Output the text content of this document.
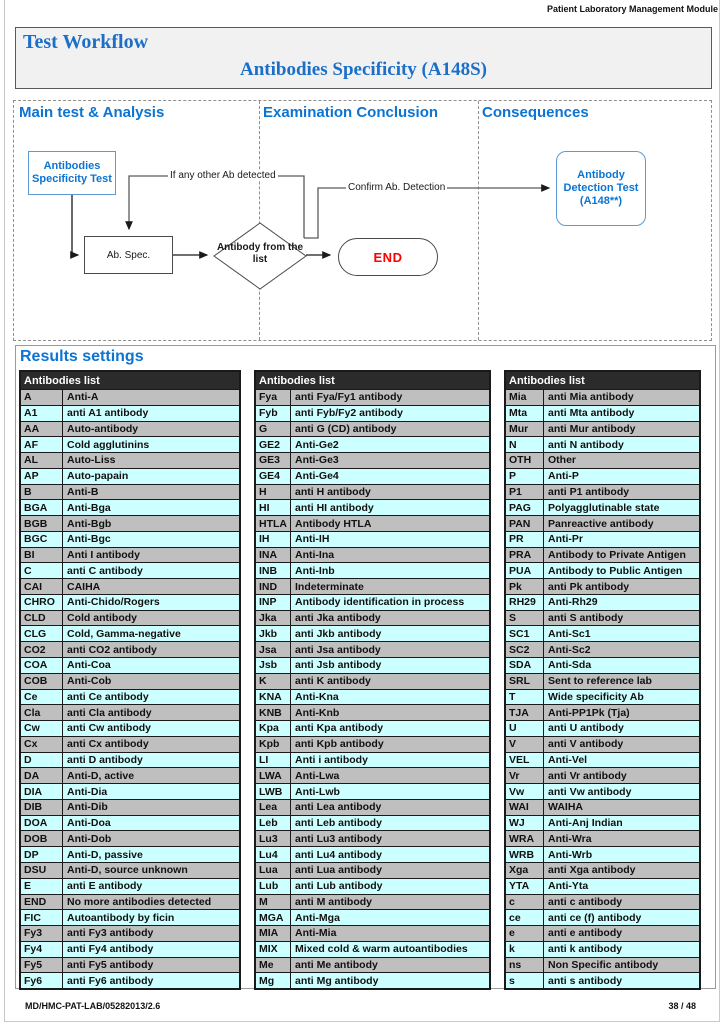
Patient Laboratory Management Module
Test Workflow
Antibodies Specificity (A148S)
Main test & Analysis	Examination Conclusion	Consequences
Antibodies Specificity Test
Ab. Spec.
Antibody from the list	END
Antibody Detection Test (A148**)
If any other Ab detected
Confirm Ab. Detection
Results settings
Antibodies list
A	Anti-A
A1	anti A1 antibody
AA	Auto-antibody
AF	Cold agglutinins
AL	Auto-Liss
AP	Auto-papain
B	Anti-B
BGA	Anti-Bga
BGB	Anti-Bgb
BGC	Anti-Bgc
BI	Anti I antibody
C	anti C antibody
CAI	CAIHA
CHRO	Anti-Chido/Rogers
CLD	Cold antibody
CLG	Cold, Gamma-negative
CO2	anti CO2 antibody
COA	Anti-Coa
COB	Anti-Cob
Ce	anti Ce antibody
Cla	anti Cla antibody
Cw	anti Cw antibody
Cx	anti Cx antibody
D	anti D antibody
DA	Anti-D, active
DIA	Anti-Dia
DIB	Anti-Dib
DOA	Anti-Doa
DOB	Anti-Dob
DP	Anti-D, passive
DSU	Anti-D, source unknown
E	anti E antibody
END	No more antibodies detected
FIC	Autoantibody by ficin
Fy3	anti Fy3 antibody
Fy4	anti Fy4 antibody
Fy5	anti Fy5 antibody
Fy6	anti Fy6 antibody
Antibodies list
Fya	anti Fya/Fy1 antibody
Fyb	anti Fyb/Fy2 antibody
G	anti G (CD) antibody
GE2	Anti-Ge2
GE3	Anti-Ge3
GE4	Anti-Ge4
H	anti H antibody
HI	anti HI antibody
HTLA Antibody HTLA
IH	Anti-IH
INA	Anti-Ina
INB	Anti-Inb
IND	Indeterminate
INP	Antibody identification in process
Jka	anti Jka antibody
Jkb	anti Jkb antibody
Jsa	anti Jsa antibody
Jsb	anti Jsb antibody
K	anti K antibody
KNA	Anti-Kna
KNB	Anti-Knb
Kpa	anti Kpa antibody
Kpb	anti Kpb antibody
LI	Anti i antibody
LWA	Anti-Lwa
LWB	Anti-Lwb
Lea	anti Lea antibody
Leb	anti Leb antibody
Lu3	anti Lu3 antibody
Lu4	anti Lu4 antibody
Lua	anti Lua antibody
Lub	anti Lub antibody
M	anti M antibody
MGA	Anti-Mga
MIA	Anti-Mia
MIX	Mixed cold & warm autoantibodies
Me	anti Me antibody
Mg	anti Mg antibody
Antibodies list
Mia	anti Mia antibody
Mta	anti Mta antibody
Mur	anti Mur antibody
N	anti N antibody
OTH	Other
P	Anti-P
P1	anti P1 antibody
PAG	Polyagglutinable state
PAN	Panreactive antibody
PR	Anti-Pr
PRA	Antibody to Private Antigen
PUA	Antibody to Public Antigen
Pk	anti Pk antibody
RH29	Anti-Rh29
S	anti S antibody
SC1	Anti-Sc1
SC2	Anti-Sc2
SDA	Anti-Sda
SRL	Sent to reference lab
T	Wide specificity Ab
TJA	Anti-PP1Pk (Tja)
U	anti U antibody
V	anti V antibody
VEL	Anti-Vel
Vr	anti Vr antibody
Vw	anti Vw antibody
WAI	WAIHA
WJ	Anti-Anj Indian
WRA	Anti-Wra
WRB	Anti-Wrb
Xga	anti Xga antibody
YTA	Anti-Yta
c	anti c antibody
ce	anti ce (f) antibody
e	anti e antibody
k	anti k antibody
ns	Non Specific antibody
s	anti s antibody
MD/HMC-PAT-LAB/05282013/2.6	38 / 48
